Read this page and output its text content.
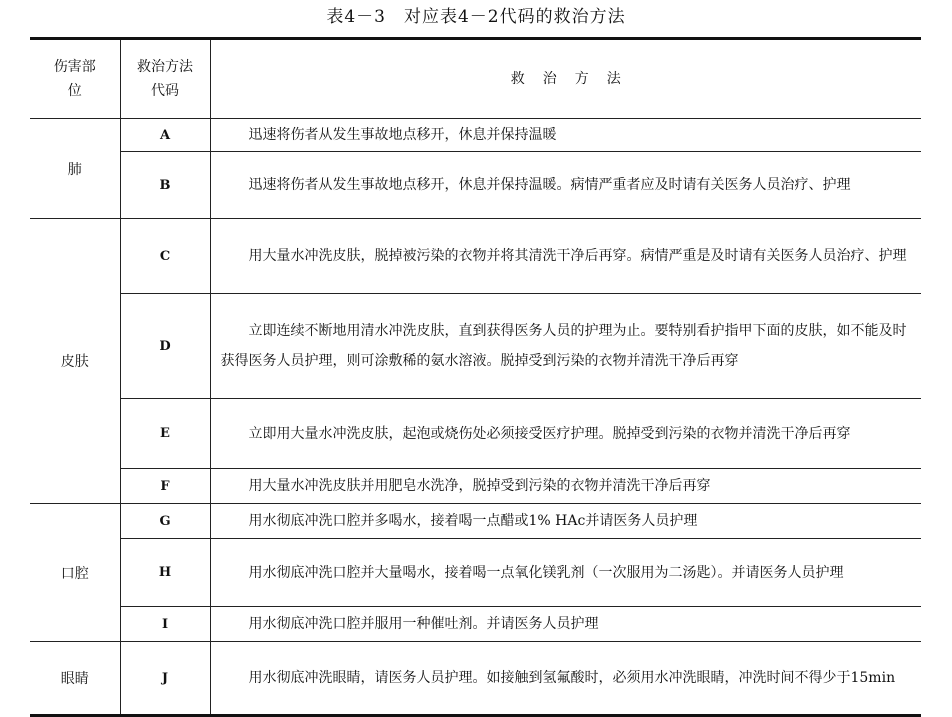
表4－3　对应表4－2代码的救治方法
伤害部位	救治方法代码	救治方法
肺	A	迅速将伤者从发生事故地点移开，休息并保持温暖
	B	迅速将伤者从发生事故地点移开，休息并保持温暖。病情严重者应及时请有关医务人员治疗、护理
皮肤	C	用大量水冲洗皮肤，脱掉被污染的衣物并将其清洗干净后再穿。病情严重是及时请有关医务人员治疗、护理
	D	立即连续不断地用清水冲洗皮肤，直到获得医务人员的护理为止。要特别看护指甲下面的皮肤，如不能及时获得医务人员护理，则可涂敷稀的氨水溶液。脱掉受到污染的衣物并清洗干净后再穿
	E	立即用大量水冲洗皮肤，起泡或烧伤处必须接受医疗护理。脱掉受到污染的衣物并清洗干净后再穿
	F	用大量水冲洗皮肤并用肥皂水洗净，脱掉受到污染的衣物并清洗干净后再穿
口腔	G	用水彻底冲洗口腔并多喝水，接着喝一点醋或1% HAc并请医务人员护理
	H	用水彻底冲洗口腔并大量喝水，接着喝一点氧化镁乳剂（一次服用为二汤匙）。并请医务人员护理
	I	用水彻底冲洗口腔并服用一种催吐剂。并请医务人员护理
眼睛	J	用水彻底冲洗眼睛，请医务人员护理。如接触到氢氟酸时，必须用水冲洗眼睛，冲洗时间不得少于15min
